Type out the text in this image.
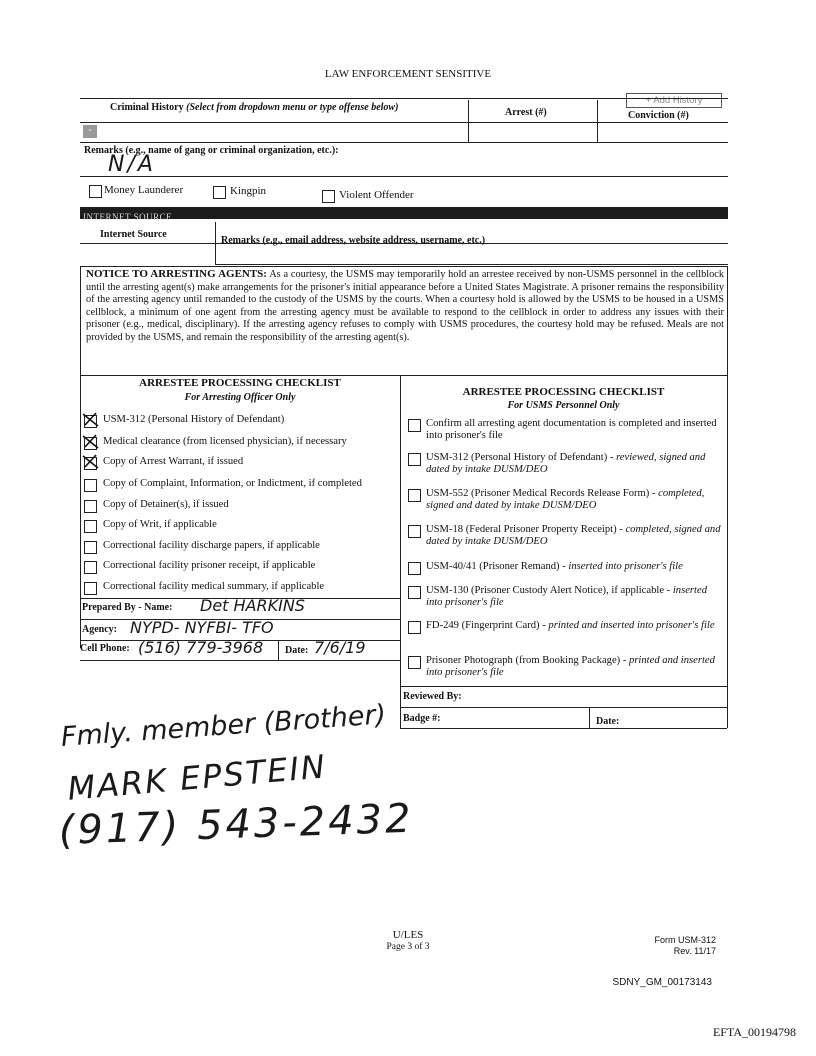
LAW ENFORCEMENT SENSITIVE
+ Add History
Criminal History (Select from dropdown menu or type offense below)	Arrest (#)	Conviction (#)
-
Remarks (e.g., name of gang or criminal organization, etc.):
N/A
Money Launderer	Kingpin	Violent Offender
INTERNET SOURCE
Internet Source
Remarks (e.g., email address, website address, username, etc.)
NOTICE TO ARRESTING AGENTS: As a courtesy, the USMS may temporarily hold an arrestee received by non-USMS personnel in the cellblock until the arresting agent(s) make arrangements for the prisoner's initial appearance before a United States Magistrate. A prisoner remains the responsibility of the arresting agency until remanded to the custody of the USMS by the courts. When a courtesy hold is allowed by the USMS to be housed in a USMS cellblock, a minimum of one agent from the arresting agency must be available to respond to the cellblock in order to address any issues with their prisoner (e.g., medical, disciplinary). If the arresting agency refuses to comply with USMS procedures, the courtesy hold may be refused. Meals are not provided by the USMS, and remain the responsibility of the arresting agent(s).
ARRESTEE PROCESSING CHECKLIST
For Arresting Officer Only
USM-312 (Personal History of Defendant)
Medical clearance (from licensed physician), if necessary
Copy of Arrest Warrant, if issued
Copy of Complaint, Information, or Indictment, if completed
Copy of Detainer(s), if issued
Copy of Writ, if applicable
Correctional facility discharge papers, if applicable
Correctional facility prisoner receipt, if applicable
Correctional facility medical summary, if applicable
Prepared By - Name: Det HARKINS
Agency: NYPD- NYFBI- TFO
Cell Phone: (516) 779-3968 Date: 7/6/19
ARRESTEE PROCESSING CHECKLIST
For USMS Personnel Only
Confirm all arresting agent documentation is completed and inserted into prisoner's file
USM-312 (Personal History of Defendant) - reviewed, signed and dated by intake DUSM/DEO
USM-552 (Prisoner Medical Records Release Form) - completed, signed and dated by intake DUSM/DEO
USM-18 (Federal Prisoner Property Receipt) - completed, signed and dated by intake DUSM/DEO
USM-40/41 (Prisoner Remand) - inserted into prisoner's file
USM-130 (Prisoner Custody Alert Notice), if applicable - inserted into prisoner's file
FD-249 (Fingerprint Card) - printed and inserted into prisoner's file
Prisoner Photograph (from Booking Package) - printed and inserted into prisoner's file
Reviewed By:
Badge #:	Date:
Fmly. member (Brother)
MARK EPSTEIN
(917) 543-2432
U/LES
Page 3 of 3
Form USM-312
Rev. 11/17
SDNY_GM_00173143
EFTA_00194798
